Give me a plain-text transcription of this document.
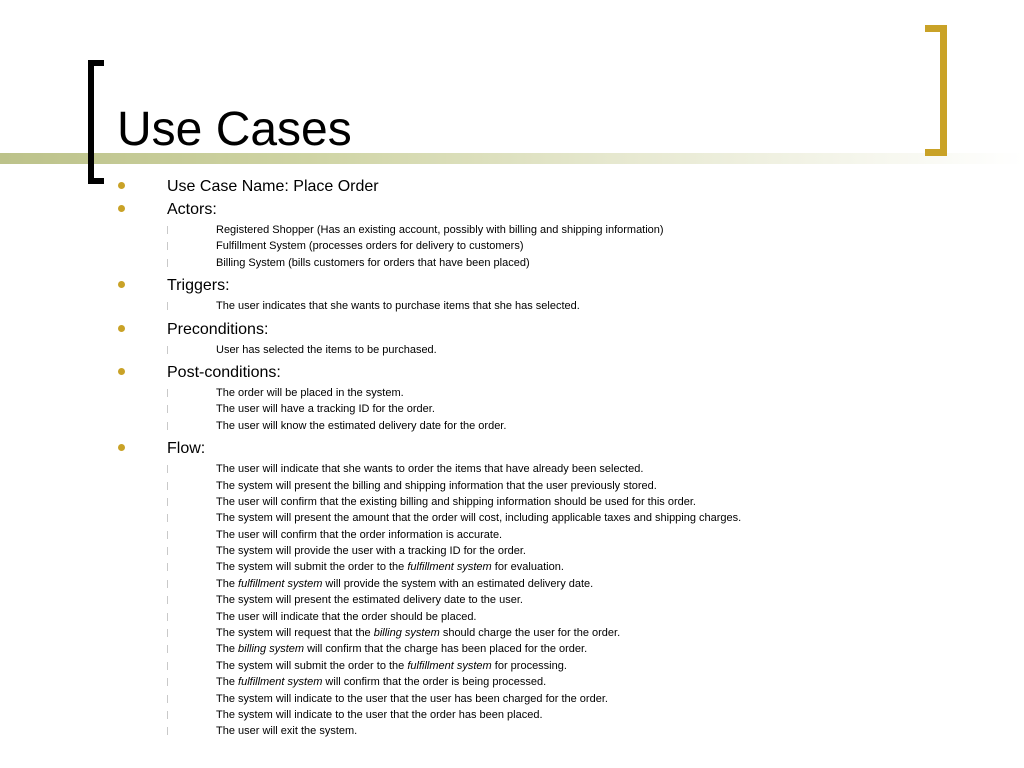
Use Cases
Use Case Name: Place Order
Actors:
Registered Shopper (Has an existing account, possibly with billing and shipping information)
Fulfillment System (processes orders for delivery to customers)
Billing System (bills customers for orders that have been placed)
Triggers:
The user indicates that she wants to purchase items that she has selected.
Preconditions:
User has selected the items to be purchased.
Post-conditions:
The order will be placed in the system.
The user will have a tracking ID for the order.
The user will know the estimated delivery date for the order.
Flow:
The user will indicate that she wants to order the items that have already been selected.
The system will present the billing and shipping information that the user previously stored.
The user will confirm that the existing billing and shipping information should be used for this order.
The system will present the amount that the order will cost, including applicable taxes and shipping charges.
The user will confirm that the order information is accurate.
The system will provide the user with a tracking ID for the order.
The system will submit the order to the fulfillment system for evaluation.
The fulfillment system will provide the system with an estimated delivery date.
The system will present the estimated delivery date to the user.
The user will indicate that the order should be placed.
The system will request that the billing system should charge the user for the order.
The billing system will confirm that the charge has been placed for the order.
The system will submit the order to the fulfillment system for processing.
The fulfillment system will confirm that the order is being processed.
The system will indicate to the user that the user has been charged for the order.
The system will indicate to the user that the order has been placed.
The user will exit the system.
